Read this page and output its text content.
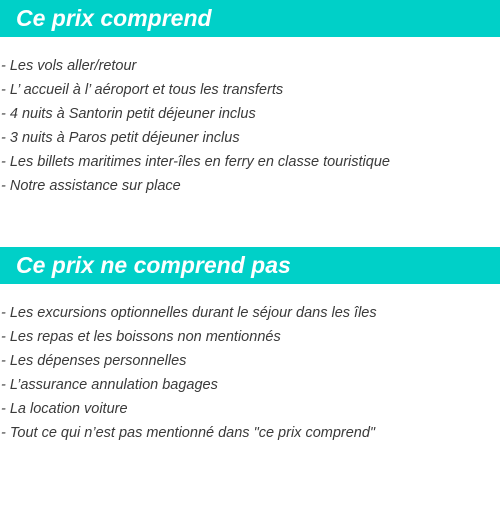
Ce prix comprend
- Les vols aller/retour
- L’ accueil à l’ aéroport et tous les transferts
- 4 nuits à Santorin petit déjeuner inclus
- 3 nuits à Paros petit déjeuner inclus
- Les billets maritimes inter-îles en ferry en classe touristique
- Notre assistance sur place
Ce prix ne comprend pas
- Les excursions optionnelles durant le séjour dans les îles
- Les repas et les boissons non mentionnés
- Les dépenses personnelles
- L’assurance annulation bagages
- La location voiture
- Tout ce qui n’est pas mentionné dans "ce prix comprend"
